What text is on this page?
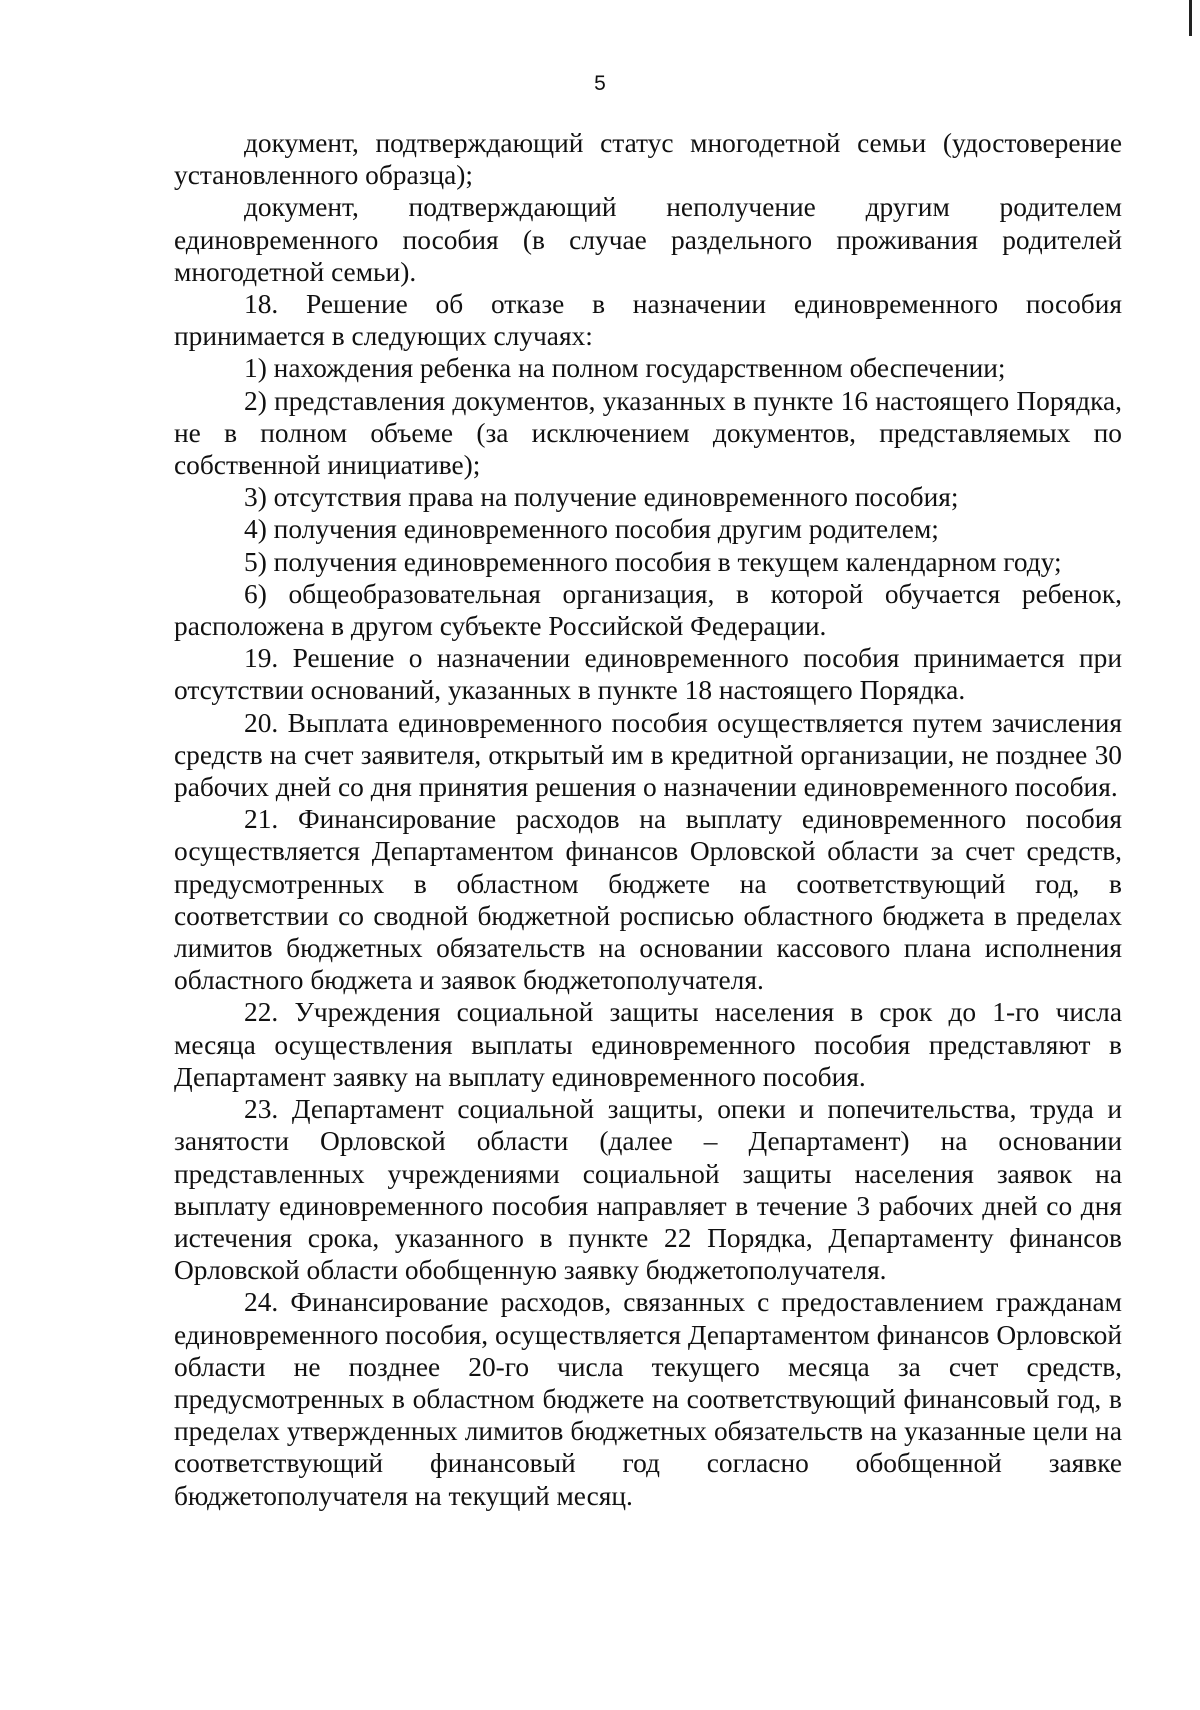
5

документ, подтверждающий статус многодетной семьи (удостоверение установленного образца);

документ, подтверждающий неполучение другим родителем единовременного пособия (в случае раздельного проживания родителей многодетной семьи).

18. Решение об отказе в назначении единовременного пособия принимается в следующих случаях:

1) нахождения ребенка на полном государственном обеспечении;

2) представления документов, указанных в пункте 16 настоящего Порядка, не в полном объеме (за исключением документов, представляемых по собственной инициативе);

3) отсутствия права на получение единовременного пособия;

4) получения единовременного пособия другим родителем;

5) получения единовременного пособия в текущем календарном году;

6) общеобразовательная организация, в которой обучается ребенок, расположена в другом субъекте Российской Федерации.

19. Решение о назначении единовременного пособия принимается при отсутствии оснований, указанных в пункте 18 настоящего Порядка.

20. Выплата единовременного пособия осуществляется путем зачисления средств на счет заявителя, открытый им в кредитной организации, не позднее 30 рабочих дней со дня принятия решения о назначении единовременного пособия.

21. Финансирование расходов на выплату единовременного пособия осуществляется Департаментом финансов Орловской области за счет средств, предусмотренных в областном бюджете на соответствующий год, в соответствии со сводной бюджетной росписью областного бюджета в пределах лимитов бюджетных обязательств на основании кассового плана исполнения областного бюджета и заявок бюджетополучателя.

22. Учреждения социальной защиты населения в срок до 1-го числа месяца осуществления выплаты единовременного пособия представляют в Департамент заявку на выплату единовременного пособия.

23. Департамент социальной защиты, опеки и попечительства, труда и занятости Орловской области (далее – Департамент) на основании представленных учреждениями социальной защиты населения заявок на выплату единовременного пособия направляет в течение 3 рабочих дней со дня истечения срока, указанного в пункте 22 Порядка, Департаменту финансов Орловской области обобщенную заявку бюджетополучателя.

24. Финансирование расходов, связанных с предоставлением гражданам единовременного пособия, осуществляется Департаментом финансов Орловской области не позднее 20-го числа текущего месяца за счет средств, предусмотренных в областном бюджете на соответствующий финансовый год, в пределах утвержденных лимитов бюджетных обязательств на указанные цели на соответствующий финансовый год согласно обобщенной заявке бюджетополучателя на текущий месяц.
